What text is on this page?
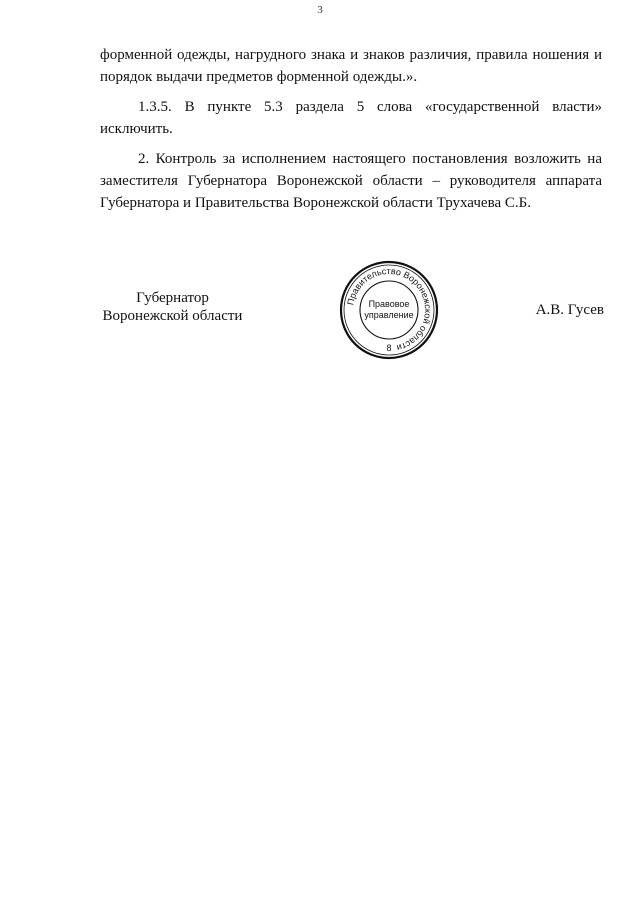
3
форменной одежды, нагрудного знака и знаков различия, правила ношения и
порядок выдачи предметов форменной одежды.».
1.3.5. В пункте 5.3 раздела 5 слова «государственной власти»
исключить.
2. Контроль за исполнением настоящего постановления возложить на
заместителя Губернатора Воронежской области – руководителя аппарата
Губернатора и Правительства Воронежской области Трухачева С.Б.
Губернатор
Воронежской области
Правительство Воронежской области
Правовое
управление
8
А.В. Гусев
